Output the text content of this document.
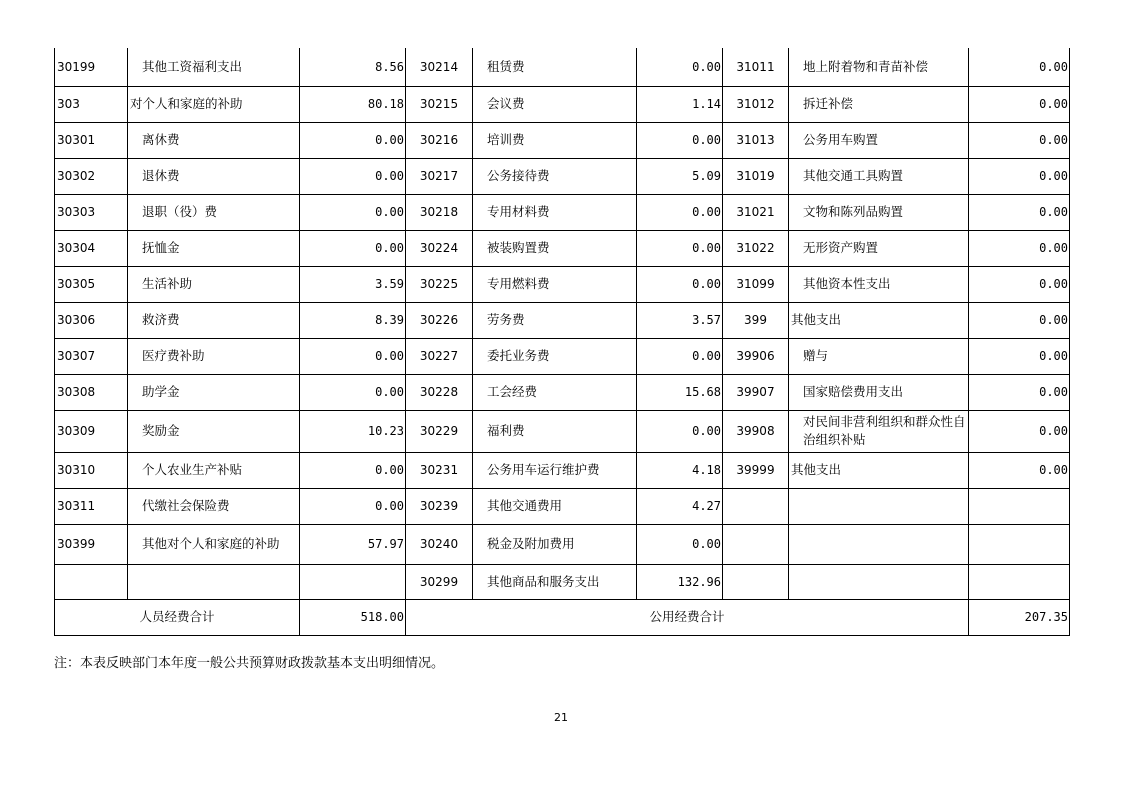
30199	其他工资福利支出	8.56	30214	租赁费	0.00	31011	地上附着物和青苗补偿	0.00
303	对个人和家庭的补助	80.18	30215	会议费	1.14	31012	拆迁补偿	0.00
30301	离休费	0.00	30216	培训费	0.00	31013	公务用车购置	0.00
30302	退休费	0.00	30217	公务接待费	5.09	31019	其他交通工具购置	0.00
30303	退职（役）费	0.00	30218	专用材料费	0.00	31021	文物和陈列品购置	0.00
30304	抚恤金	0.00	30224	被装购置费	0.00	31022	无形资产购置	0.00
30305	生活补助	3.59	30225	专用燃料费	0.00	31099	其他资本性支出	0.00
30306	救济费	8.39	30226	劳务费	3.57	399	其他支出	0.00
30307	医疗费补助	0.00	30227	委托业务费	0.00	39906	赠与	0.00
30308	助学金	0.00	30228	工会经费	15.68	39907	国家赔偿费用支出	0.00
30309	奖励金	10.23	30229	福利费	0.00	39908	对民间非营利组织和群众性自治组织补贴	0.00
30310	个人农业生产补贴	0.00	30231	公务用车运行维护费	4.18	39999	其他支出	0.00
30311	代缴社会保险费	0.00	30239	其他交通费用	4.27			
30399	其他对个人和家庭的补助	57.97	30240	税金及附加费用	0.00			
			30299	其他商品和服务支出	132.96			
人员经费合计		518.00	公用经费合计					207.35
注：本表反映部门本年度一般公共预算财政拨款基本支出明细情况。
21
